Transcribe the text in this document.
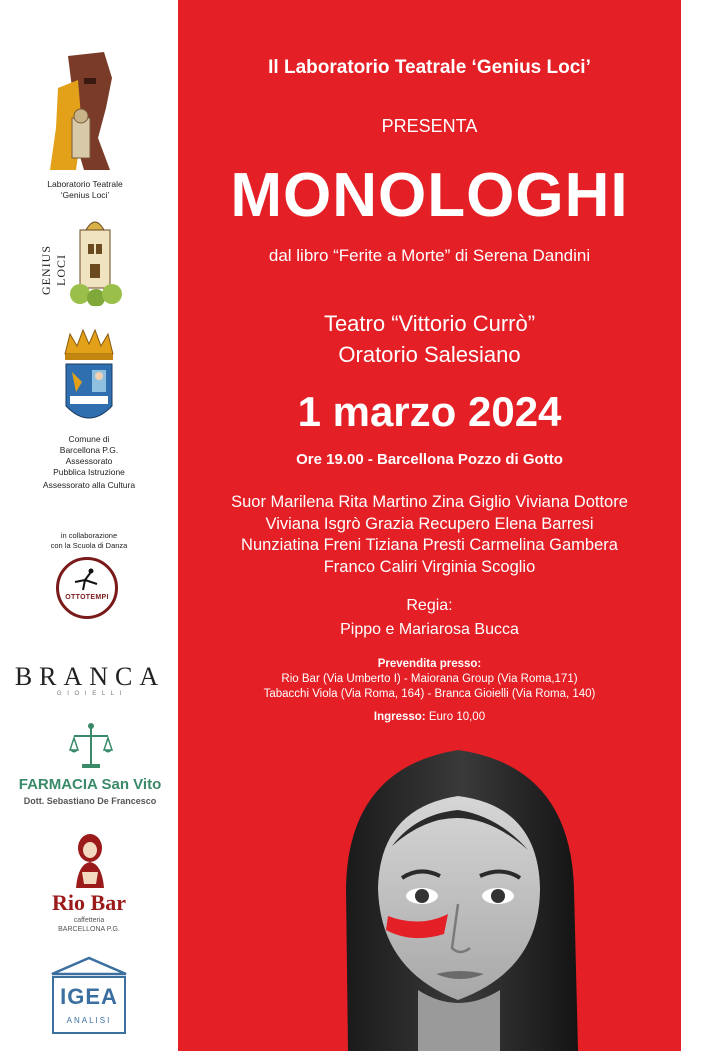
Laboratorio Teatrale
‘Genius Loci’
GENIUS LOCI
Comune di
Barcellona P.G.
Assessorato
Pubblica Istruzione
Assessorato alla Cultura
in collaborazione
con la Scuola di Danza
OTTOTEMPI
BRANCA
G I O I E L L I
FARMACIA San Vito
Dott. Sebastiano De Francesco
Rio Bar
caffetteria
BARCELLONA P.G.
IGEA
ANALISI
Il Laboratorio Teatrale ‘Genius Loci’
PRESENTA
MONOLOGHI
dal libro “Ferite a Morte” di Serena Dandini
Teatro “Vittorio Currò”
Oratorio Salesiano
1 marzo 2024
Ore 19.00 - Barcellona Pozzo di Gotto
Suor Marilena Rita Martino Zina Giglio Viviana Dottore
Viviana Isgrò Grazia Recupero Elena Barresi
Nunziatina Freni Tiziana Presti Carmelina Gambera
Franco Caliri Virginia Scoglio
Regia:
Pippo e Mariarosa Bucca
Prevendita presso:
Rio Bar (Via Umberto I) - Maiorana Group (Via Roma,171)
Tabacchi Viola (Via Roma, 164) - Branca Gioielli (Via Roma, 140)
Ingresso: Euro 10,00
